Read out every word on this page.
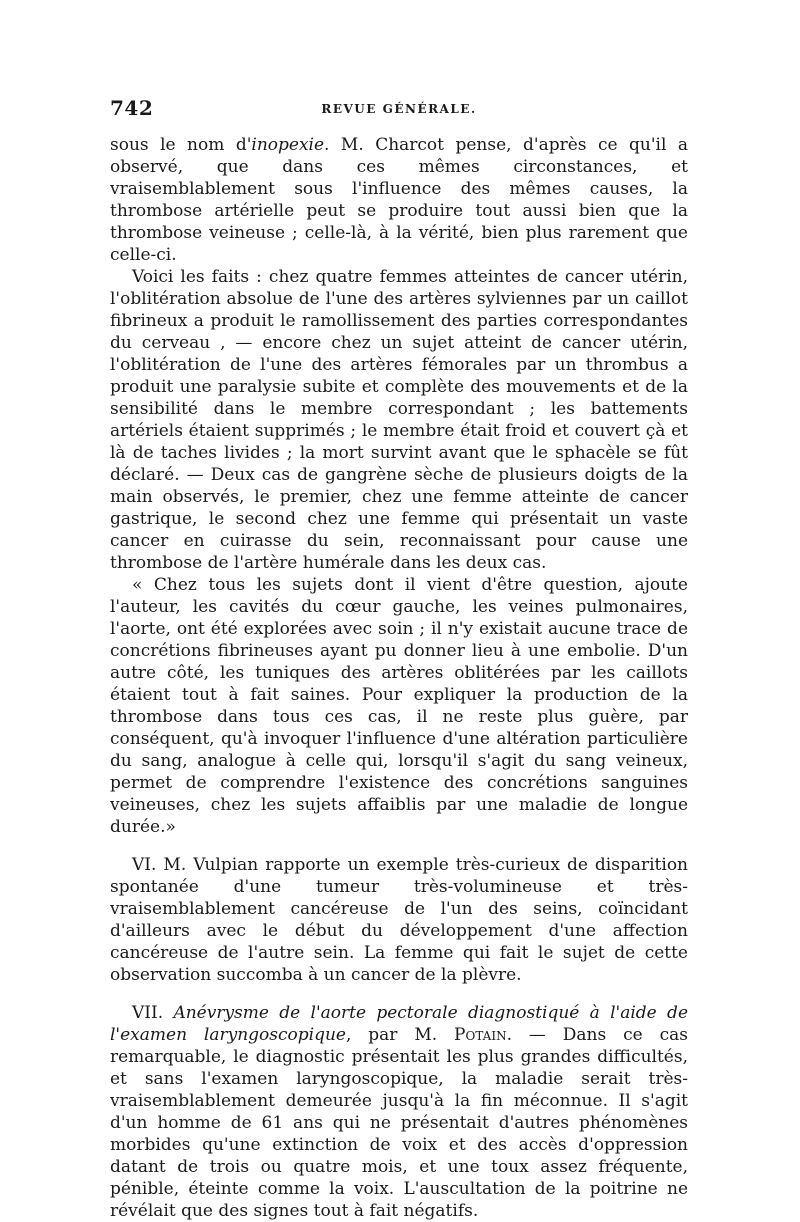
742	REVUE GÉNÉRALE.

sous le nom d'inopexie. M. Charcot pense, d'après ce qu'il a observé, que dans ces mêmes circonstances, et vraisemblablement sous l'influence des mêmes causes, la thrombose artérielle peut se produire tout aussi bien que la thrombose veineuse ; celle-là, à la vérité, bien plus rarement que celle-ci.

Voici les faits : chez quatre femmes atteintes de cancer utérin, l'oblitération absolue de l'une des artères sylviennes par un caillot fibrineux a produit le ramollissement des parties correspondantes du cerveau , — encore chez un sujet atteint de cancer utérin, l'oblitération de l'une des artères fémorales par un thrombus a produit une paralysie subite et complète des mouvements et de la sensibilité dans le membre correspondant ; les battements artériels étaient supprimés ; le membre était froid et couvert çà et là de taches livides ; la mort survint avant que le sphacèle se fût déclaré. — Deux cas de gangrène sèche de plusieurs doigts de la main observés, le premier, chez une femme atteinte de cancer gastrique, le second chez une femme qui présentait un vaste cancer en cuirasse du sein, reconnaissant pour cause une thrombose de l'artère humérale dans les deux cas.

« Chez tous les sujets dont il vient d'être question, ajoute l'auteur, les cavités du cœur gauche, les veines pulmonaires, l'aorte, ont été explorées avec soin ; il n'y existait aucune trace de concrétions fibrineuses ayant pu donner lieu à une embolie. D'un autre côté, les tuniques des artères oblitérées par les caillots étaient tout à fait saines. Pour expliquer la production de la thrombose dans tous ces cas, il ne reste plus guère, par conséquent, qu'à invoquer l'influence d'une altération particulière du sang, analogue à celle qui, lorsqu'il s'agit du sang veineux, permet de comprendre l'existence des concrétions sanguines veineuses, chez les sujets affaiblis par une maladie de longue durée.»

VI. M. Vulpian rapporte un exemple très-curieux de disparition spontanée d'une tumeur très-volumineuse et très-vraisemblablement cancéreuse de l'un des seins, coïncidant d'ailleurs avec le début du développement d'une affection cancéreuse de l'autre sein. La femme qui fait le sujet de cette observation succomba à un cancer de la plèvre.

VII. Anévrysme de l'aorte pectorale diagnostiqué à l'aide de l'examen laryngoscopique, par M. Potain. — Dans ce cas remarquable, le diagnostic présentait les plus grandes difficultés, et sans l'examen laryngoscopique, la maladie serait très-vraisemblablement demeurée jusqu'à la fin méconnue. Il s'agit d'un homme de 61 ans qui ne présentait d'autres phénomènes morbides qu'une extinction de voix et des accès d'oppression datant de trois ou quatre mois, et une toux assez fréquente, pénible, éteinte comme la voix. L'auscultation de la poitrine ne révélait que des signes tout à fait négatifs.
